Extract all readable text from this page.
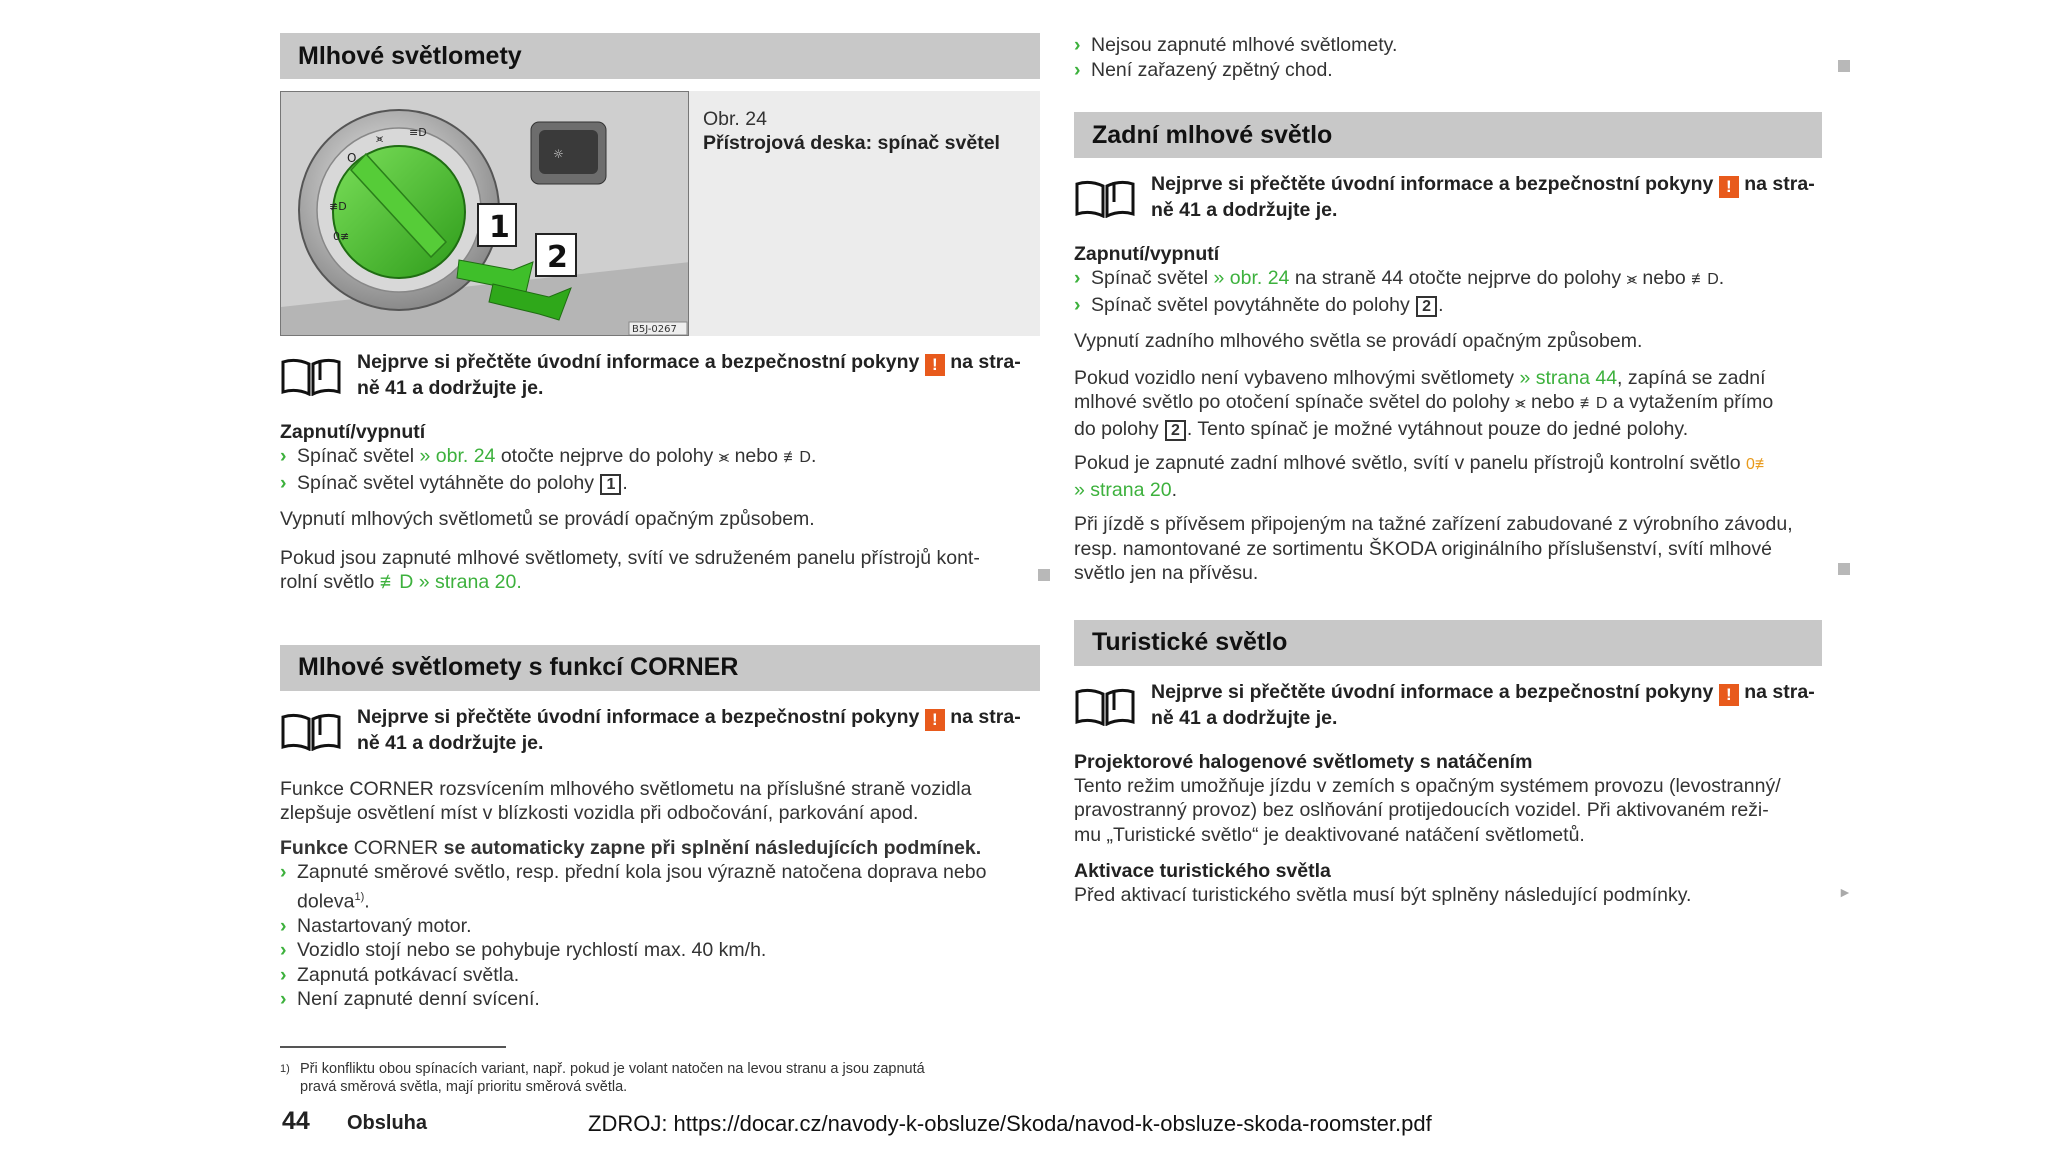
Mlhové světlomety
O
⪤ ≡D
≢D
0≢
☼
1
2
B5J-0267
Obr. 24
Přístrojová deska: spínač světel
Nejprve si přečtěte úvodní informace a bezpečnostní pokyny ! na stra-
ně 41 a dodržujte je.
Zapnutí/vypnutí
› Spínač světel » obr. 24 otočte nejprve do polohy ⪤ nebo ≢D.
› Spínač světel vytáhněte do polohy 1 .
Vypnutí mlhových světlometů se provádí opačným způsobem.
Pokud jsou zapnuté mlhové světlomety, svítí ve sdruženém panelu přístrojů kont-
rolní světlo ≢D » strana 20.
Mlhové světlomety s funkcí CORNER
Nejprve si přečtěte úvodní informace a bezpečnostní pokyny ! na stra-
ně 41 a dodržujte je.
Funkce CORNER rozsvícením mlhového světlometu na příslušné straně vozidla
zlepšuje osvětlení míst v blízkosti vozidla při odbočování, parkování apod.
Funkce CORNER se automaticky zapne při splnění následujících podmínek.
› Zapnuté směrové světlo, resp. přední kola jsou výrazně natočena doprava nebo
doleva$^{1)}$.
› Nastartovaný motor.
› Vozidlo stojí nebo se pohybuje rychlostí max. 40 km/h.
› Zapnutá potkávací světla.
› Není zapnuté denní svícení.
1) Při konfliktu obou spínacích variant, např. pokud je volant natočen na levou stranu a jsou zapnutá
pravá směrová světla, mají prioritu směrová světla.
› Nejsou zapnuté mlhové světlomety.
› Není zařazený zpětný chod.
Zadní mlhové světlo
Nejprve si přečtěte úvodní informace a bezpečnostní pokyny ! na stra-
ně 41 a dodržujte je.
Zapnutí/vypnutí
› Spínač světel » obr. 24 na straně 44 otočte nejprve do polohy ⪤ nebo ≢D.
› Spínač světel povytáhněte do polohy 2 .
Vypnutí zadního mlhového světla se provádí opačným způsobem.
Pokud vozidlo není vybaveno mlhovými světlomety » strana 44, zapíná se zadní
mlhové světlo po otočení spínače světel do polohy ⪤ nebo ≢D a vytažením přímo
do polohy 2 . Tento spínač je možné vytáhnout pouze do jedné polohy.
Pokud je zapnuté zadní mlhové světlo, svítí v panelu přístrojů kontrolní světlo 0≢
» strana 20.
Při jízdě s přívěsem připojeným na tažné zařízení zabudované z výrobního závodu,
resp. namontované ze sortimentu ŠKODA originálního příslušenství, svítí mlhové
světlo jen na přívěsu.
Turistické světlo
Nejprve si přečtěte úvodní informace a bezpečnostní pokyny ! na stra-
ně 41 a dodržujte je.
Projektorové halogenové světlomety s natáčením
Tento režim umožňuje jízdu v zemích s opačným systémem provozu (levostranný/
pravostranný provoz) bez oslňování protijedoucích vozidel. Při aktivovaném reži-
mu „Turistické světlo“ je deaktivované natáčení světlometů.
Aktivace turistického světla
Před aktivací turistického světla musí být splněny následující podmínky.	►
44 Obsluha	ZDROJ: https://docar.cz/navody-k-obsluze/Skoda/navod-k-obsluze-skoda-roomster.pdf
